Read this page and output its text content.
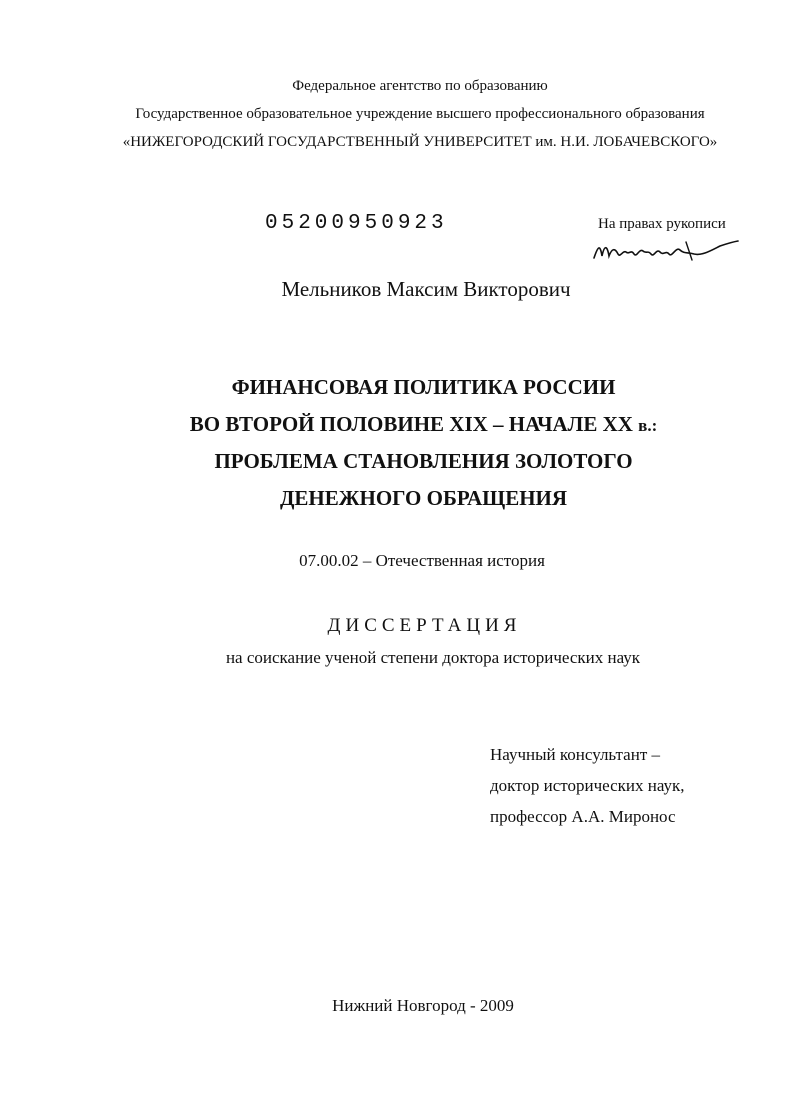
Федеральное агентство по образованию
Государственное образовательное учреждение высшего профессионального образования
«НИЖЕГОРОДСКИЙ ГОСУДАРСТВЕННЫЙ УНИВЕРСИТЕТ им. Н.И. ЛОБАЧЕВСКОГО»
05200950923	На правах рукописи
Мельников Максим Викторович
ФИНАНСОВАЯ ПОЛИТИКА РОССИИ
ВО ВТОРОЙ ПОЛОВИНЕ XIX – НАЧАЛЕ XX в.:
ПРОБЛЕМА СТАНОВЛЕНИЯ ЗОЛОТОГО
ДЕНЕЖНОГО ОБРАЩЕНИЯ
07.00.02 – Отечественная история
ДИССЕРТАЦИЯ
на соискание ученой степени доктора исторических наук
Научный консультант –
доктор исторических наук,
профессор А.А. Миронос
Нижний Новгород - 2009
